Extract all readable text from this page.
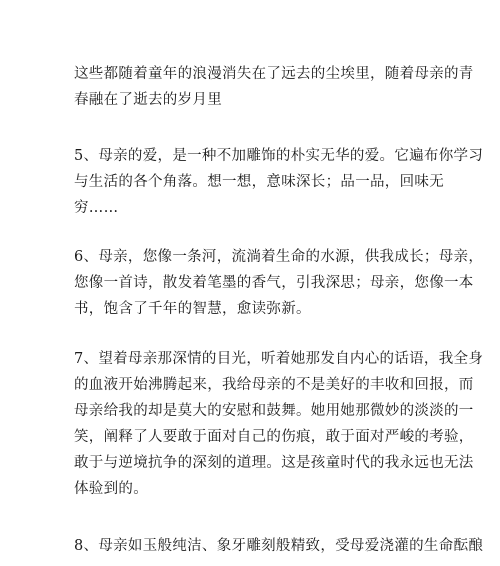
这些都随着童年的浪漫消失在了远去的尘埃里，随着母亲的青
春融在了逝去的岁月里
5、母亲的爱，是一种不加雕饰的朴实无华的爱。它遍布你学习
与生活的各个角落。想一想，意味深长；品一品，回味无
穷……
6、母亲，您像一条河，流淌着生命的水源，供我成长；母亲，
您像一首诗，散发着笔墨的香气，引我深思；母亲，您像一本
书，饱含了千年的智慧，愈读弥新。
7、望着母亲那深情的目光，听着她那发自内心的话语，我全身
的血液开始沸腾起来，我给母亲的不是美好的丰收和回报，而
母亲给我的却是莫大的安慰和鼓舞。她用她那微妙的淡淡的一
笑，阐释了人要敢于面对自己的伤痕，敢于面对严峻的考验，
敢于与逆境抗争的深刻的道理。这是孩童时代的我永远也无法
体验到的。
8、母亲如玉般纯洁、象牙雕刻般精致，受母爱浇灌的生命酝酿
